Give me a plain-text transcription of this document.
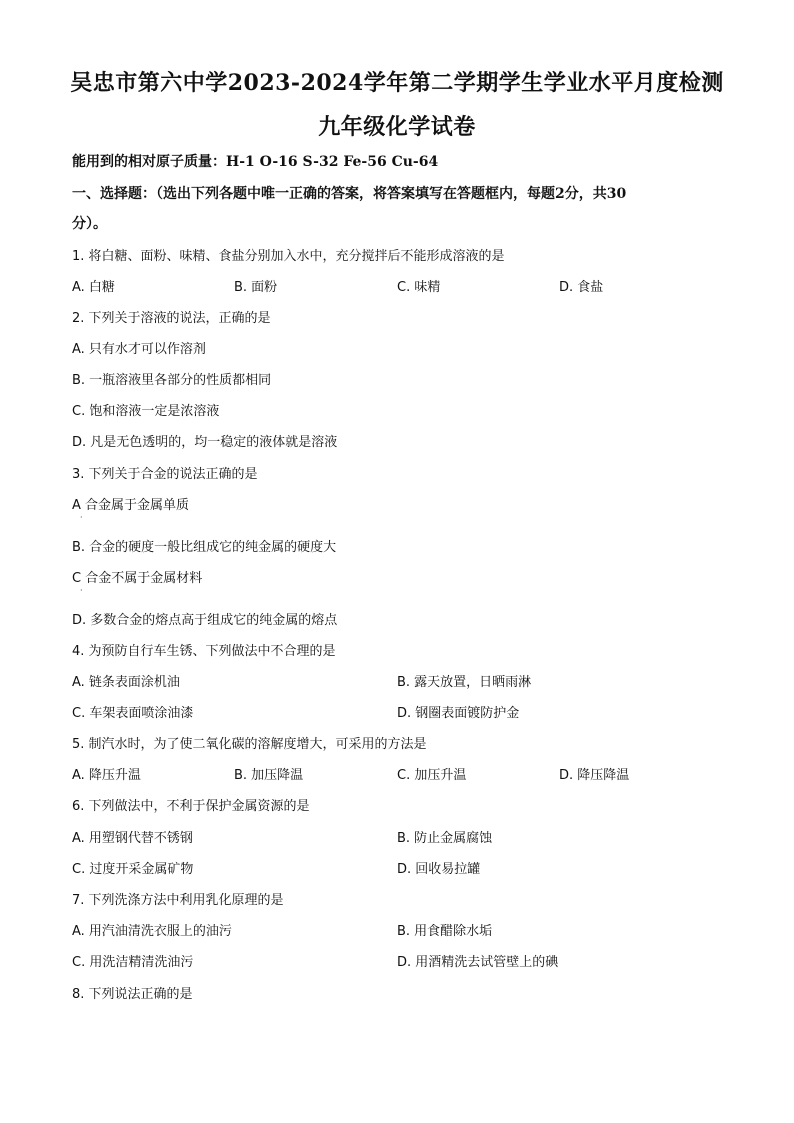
吴忠市第六中学2023-2024学年第二学期学生学业水平月度检测
九年级化学试卷
能用到的相对原子质量：H-1 O-16 S-32 Fe-56 Cu-64
一、选择题：（选出下列各题中唯一正确的答案，将答案填写在答题框内，每题2分，共30
分）。
1. 将白糖、面粉、味精、食盐分别加入水中，充分搅拌后不能形成溶液的是
A. 白糖	B. 面粉	C. 味精	D. 食盐
2. 下列关于溶液的说法，正确的是
A. 只有水才可以作溶剂
B. 一瓶溶液里各部分的性质都相同
C. 饱和溶液一定是浓溶液
D. 凡是无色透明的，均一稳定的液体就是溶液
3. 下列关于合金的说法正确的是
A 合金属于金属单质
·
B. 合金的硬度一般比组成它的纯金属的硬度大
C 合金不属于金属材料
·
D. 多数合金的熔点高于组成它的纯金属的熔点
4. 为预防自行车生锈、下列做法中不合理的是
A. 链条表面涂机油	B. 露天放置，日晒雨淋
C. 车架表面喷涂油漆	D. 钢圈表面镀防护金
5. 制汽水时，为了使二氧化碳的溶解度增大，可采用的方法是
A. 降压升温	B. 加压降温	C. 加压升温	D. 降压降温
6. 下列做法中，不利于保护金属资源的是
A. 用塑钢代替不锈钢	B. 防止金属腐蚀
C. 过度开采金属矿物	D. 回收易拉罐
7. 下列洗涤方法中利用乳化原理的是
A. 用汽油清洗衣服上的油污	B. 用食醋除水垢
C. 用洗洁精清洗油污	D. 用酒精洗去试管壁上的碘
8. 下列说法正确的是
